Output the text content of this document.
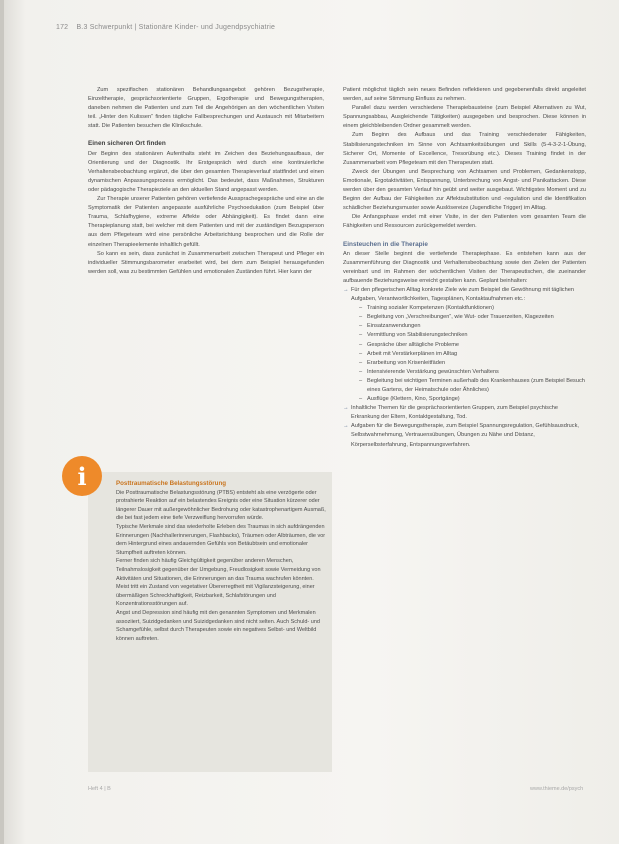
172 B.3 Schwerpunkt | Stationäre Kinder- und Jugendpsychiatrie

Zum spezifischen stationären Behandlungsangebot gehören Bezugstherapie, Einzeltherapie, gesprächsorientierte Gruppen, Ergotherapie und Bewegungstherapien, daneben nehmen die Patienten und zum Teil die Angehörigen an den wöchentlichen Visiten teil. „Hinter den Kulissen“ finden tägliche Fallbesprechungen und Austausch mit Mitarbeitern statt. Die Patienten besuchen die Klinikschule.

Einen sicheren Ort finden

Der Beginn des stationären Aufenthalts steht im Zeichen des Beziehungsaufbaus, der Orientierung und der Diagnostik. Ihr Erstgespräch wird durch eine kontinuierliche Verhaltensbeobachtung ergänzt, die über den gesamten Therapieverlauf stattfindet und einen dynamischen Anpassungsprozess ermöglicht. Das bedeutet, dass Maßnahmen, Strukturen oder pädagogische Therapieziele an den aktuellen Stand angepasst werden.

Zur Therapie unserer Patienten gehören vertiefende Aussprachegespräche und eine an die Symptomatik der Patienten angepasste ausführliche Psychoedukation (zum Beispiel über Trauma, Schlafhygiene, extreme Affekte oder Abhängigkeit). Es findet dann eine Therapieplanung statt, bei welcher mit dem Patienten und mit der zuständigen Bezugsperson aus dem Pflegeteam wird eine persönliche Arbeitsrichtung besprochen und die Rolle der einzelnen Therapieelemente inhaltlich gefüllt.

So kann es sein, dass zunächst in Zusammenarbeit zwischen Therapeut und Pfleger ein individueller Stimmungsbarometer erarbeitet wird, bei dem zum Beispiel herausgefunden werden soll, was zu bestimmten Gefühlen und emotionalen Zuständen führt. Hier kann der

i	Posttraumatische Belastungsstörung

Die Posttraumatische Belastungsstörung (PTBS) entsteht als eine verzögerte oder protrahierte Reaktion auf ein belastendes Ereignis oder eine Situation kürzerer oder längerer Dauer mit außergewöhnlicher Bedrohung oder katastrophenartigem Ausmaß, die bei fast jedem eine tiefe Verzweiflung hervorrufen würde.

Typische Merkmale sind das wiederholte Erleben des Traumas in sich aufdrängenden Erinnerungen (Nachhallerinnerungen, Flashbacks), Träumen oder Albträumen, die vor dem Hintergrund eines andauernden Gefühls von Betäubtsein und emotionaler Stumpfheit auftreten können.

Ferner finden sich häufig Gleichgültigkeit gegenüber anderen Menschen, Teilnahmslosigkeit gegenüber der Umgebung, Freudlosigkeit sowie Vermeidung von Aktivitäten und Situationen, die Erinnerungen an das Trauma wachrufen könnten. Meist tritt ein Zustand von vegetativer Übererregtheit mit Vigilanzsteigerung, einer übermäßigen Schreckhaftigkeit, Reizbarkeit, Schlafstörungen und Konzentrationsstörungen auf.

Angst und Depression sind häufig mit den genannten Symptomen und Merkmalen assoziiert, Suizidgedanken und Suizidgedanken sind nicht selten. Auch Schuld- und Schamgefühle, selbst durch Therapeuten sowie ein negatives Selbst- und Weltbild können auftreten.

Patient möglichst täglich sein neues Befinden reflektieren und gegebenenfalls direkt angeleitet werden, auf seine Stimmung Einfluss zu nehmen.

Parallel dazu werden verschiedene Therapiebausteine (zum Beispiel Alternativen zu Wut, Spannungsabbau, Ausgleichende Tätigkeiten) ausgegeben und besprochen. Diese können in einem gleichbleibenden Ordner gesammelt werden.

Zum Beginn des Aufbaus und das Training verschiedenster Fähigkeiten, Stabilisierungstechniken im Sinne von Achtsamkeitsübungen und Skills (5-4-3-2-1-Übung, Sicherer Ort, Momente of Excellence, Tresorübung etc.). Dieses Training findet in der Zusammenarbeit vom Pflegeteam mit den Therapeuten statt.

Zweck der Übungen und Besprechung von Achtsamen und Problemen, Gedankenstopp, Emotionale, Ergotaktivitäten, Entspannung, Unterbrechung von Angst- und Panikattacken. Diese werden über den gesamten Verlauf hin geübt und weiter ausgebaut. Wichtigstes Moment und zu Beginn der Aufbau der Fähigkeiten zur Affektsubstitution und -regulation und die Identifikation schädlicher Beziehungsmuster sowie Auslösereize (Jugendliche Trigger) im Alltag.

Die Anfangsphase endet mit einer Visite, in der den Patienten vom gesamten Team die Fähigkeiten und Ressourcen zurückgemeldet werden.

Einsteuchen in die Therapie

An dieser Stelle beginnt die vertiefende Therapiephase. Es entstehen kann aus der Zusammenführung der Diagnostik und Verhaltensbeobachtung sowie den Zielen der Patienten vereinbart und im Rahmen der wöchentlichen Visiten der Therapeutischen, die zueinander aufbauende Beziehungsweise erreicht gestalten kann. Geplant beinhalten:

→ Für den pflegerischen Alltag konkrete Ziele wie zum Beispiel die Gewöhnung mit täglichen Aufgaben, Verantwortlichkeiten, Tagesplänen, Kontaktaufnahmen etc.:
– Training sozialer Kompetenzen (Kontaktfunktionen)
– Begleitung von „Verschreibungen“, wie Wut- oder Trauerzeiten, Klagezeiten
– Einsatzanwendungen
– Vermittlung von Stabilisierungstechniken
– Gespräche über alltägliche Probleme
– Arbeit mit Verstärkerplänen im Alltag
– Erarbeitung von Krisenleitfäden
– Intensivierende Verstärkung gewünschten Verhaltens
– Begleitung bei wichtigen Terminen außerhalb des Krankenhauses (zum Beispiel Besuch eines Gartens, der Heimatschule oder Ähnliches)
– Ausflüge (Klettern, Kino, Sportgänge)
→ Inhaltliche Themen für die gesprächsorientierten Gruppen, zum Beispiel psychische Erkrankung der Eltern, Kontaktgestaltung, Tod.
→ Aufgaben für die Bewegungstherapie, zum Beispiel Spannungsregulation, Gefühlsausdruck, Selbstwahrnehmung, Vertrauensübungen, Übungen zu Nähe und Distanz, Körperselbsterfahrung, Entspannungsverfahren.
Heft 4 | B	www.thieme.de/psych
